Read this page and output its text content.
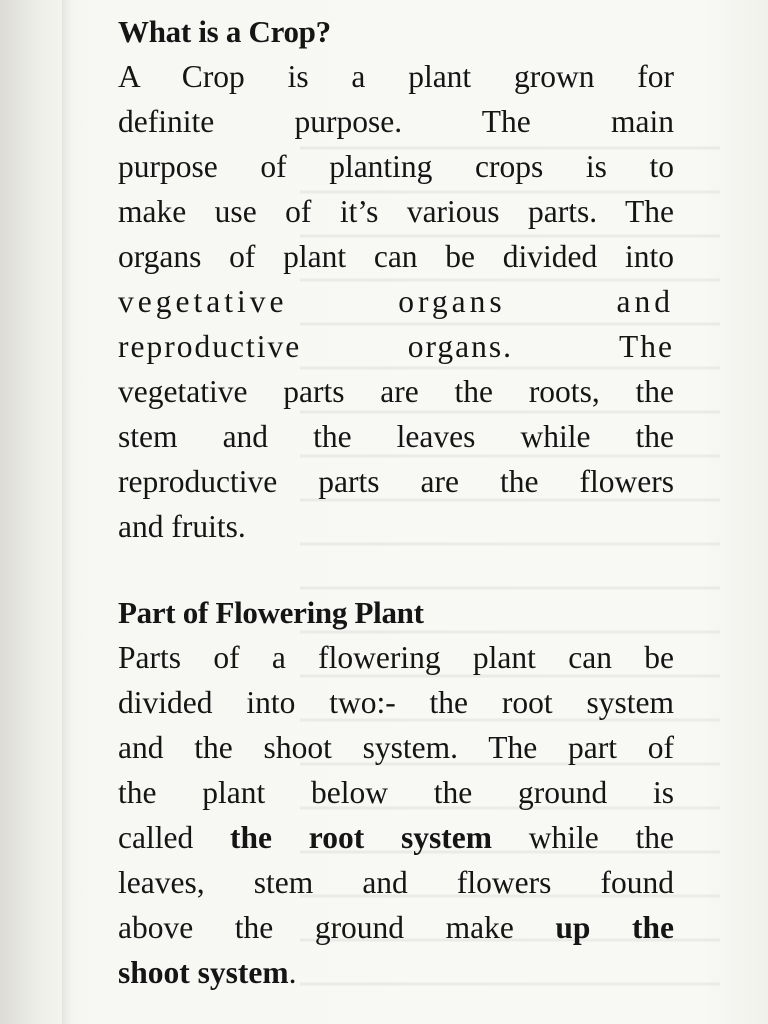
What is a Crop?

A Crop is a plant grown for
definite purpose. The main
purpose of planting crops is to
make use of it’s various parts. The
organs of plant can be divided into
vegetative organs and
reproductive organs. The
vegetative parts are the roots, the
stem and the leaves while the
reproductive parts are the flowers
and fruits.

Part of Flowering Plant

Parts of a flowering plant can be
divided into two:- the root system
and the shoot system. The part of
the plant below the ground is
called the root system while the
leaves, stem and flowers found
above the ground make up the
shoot system.
